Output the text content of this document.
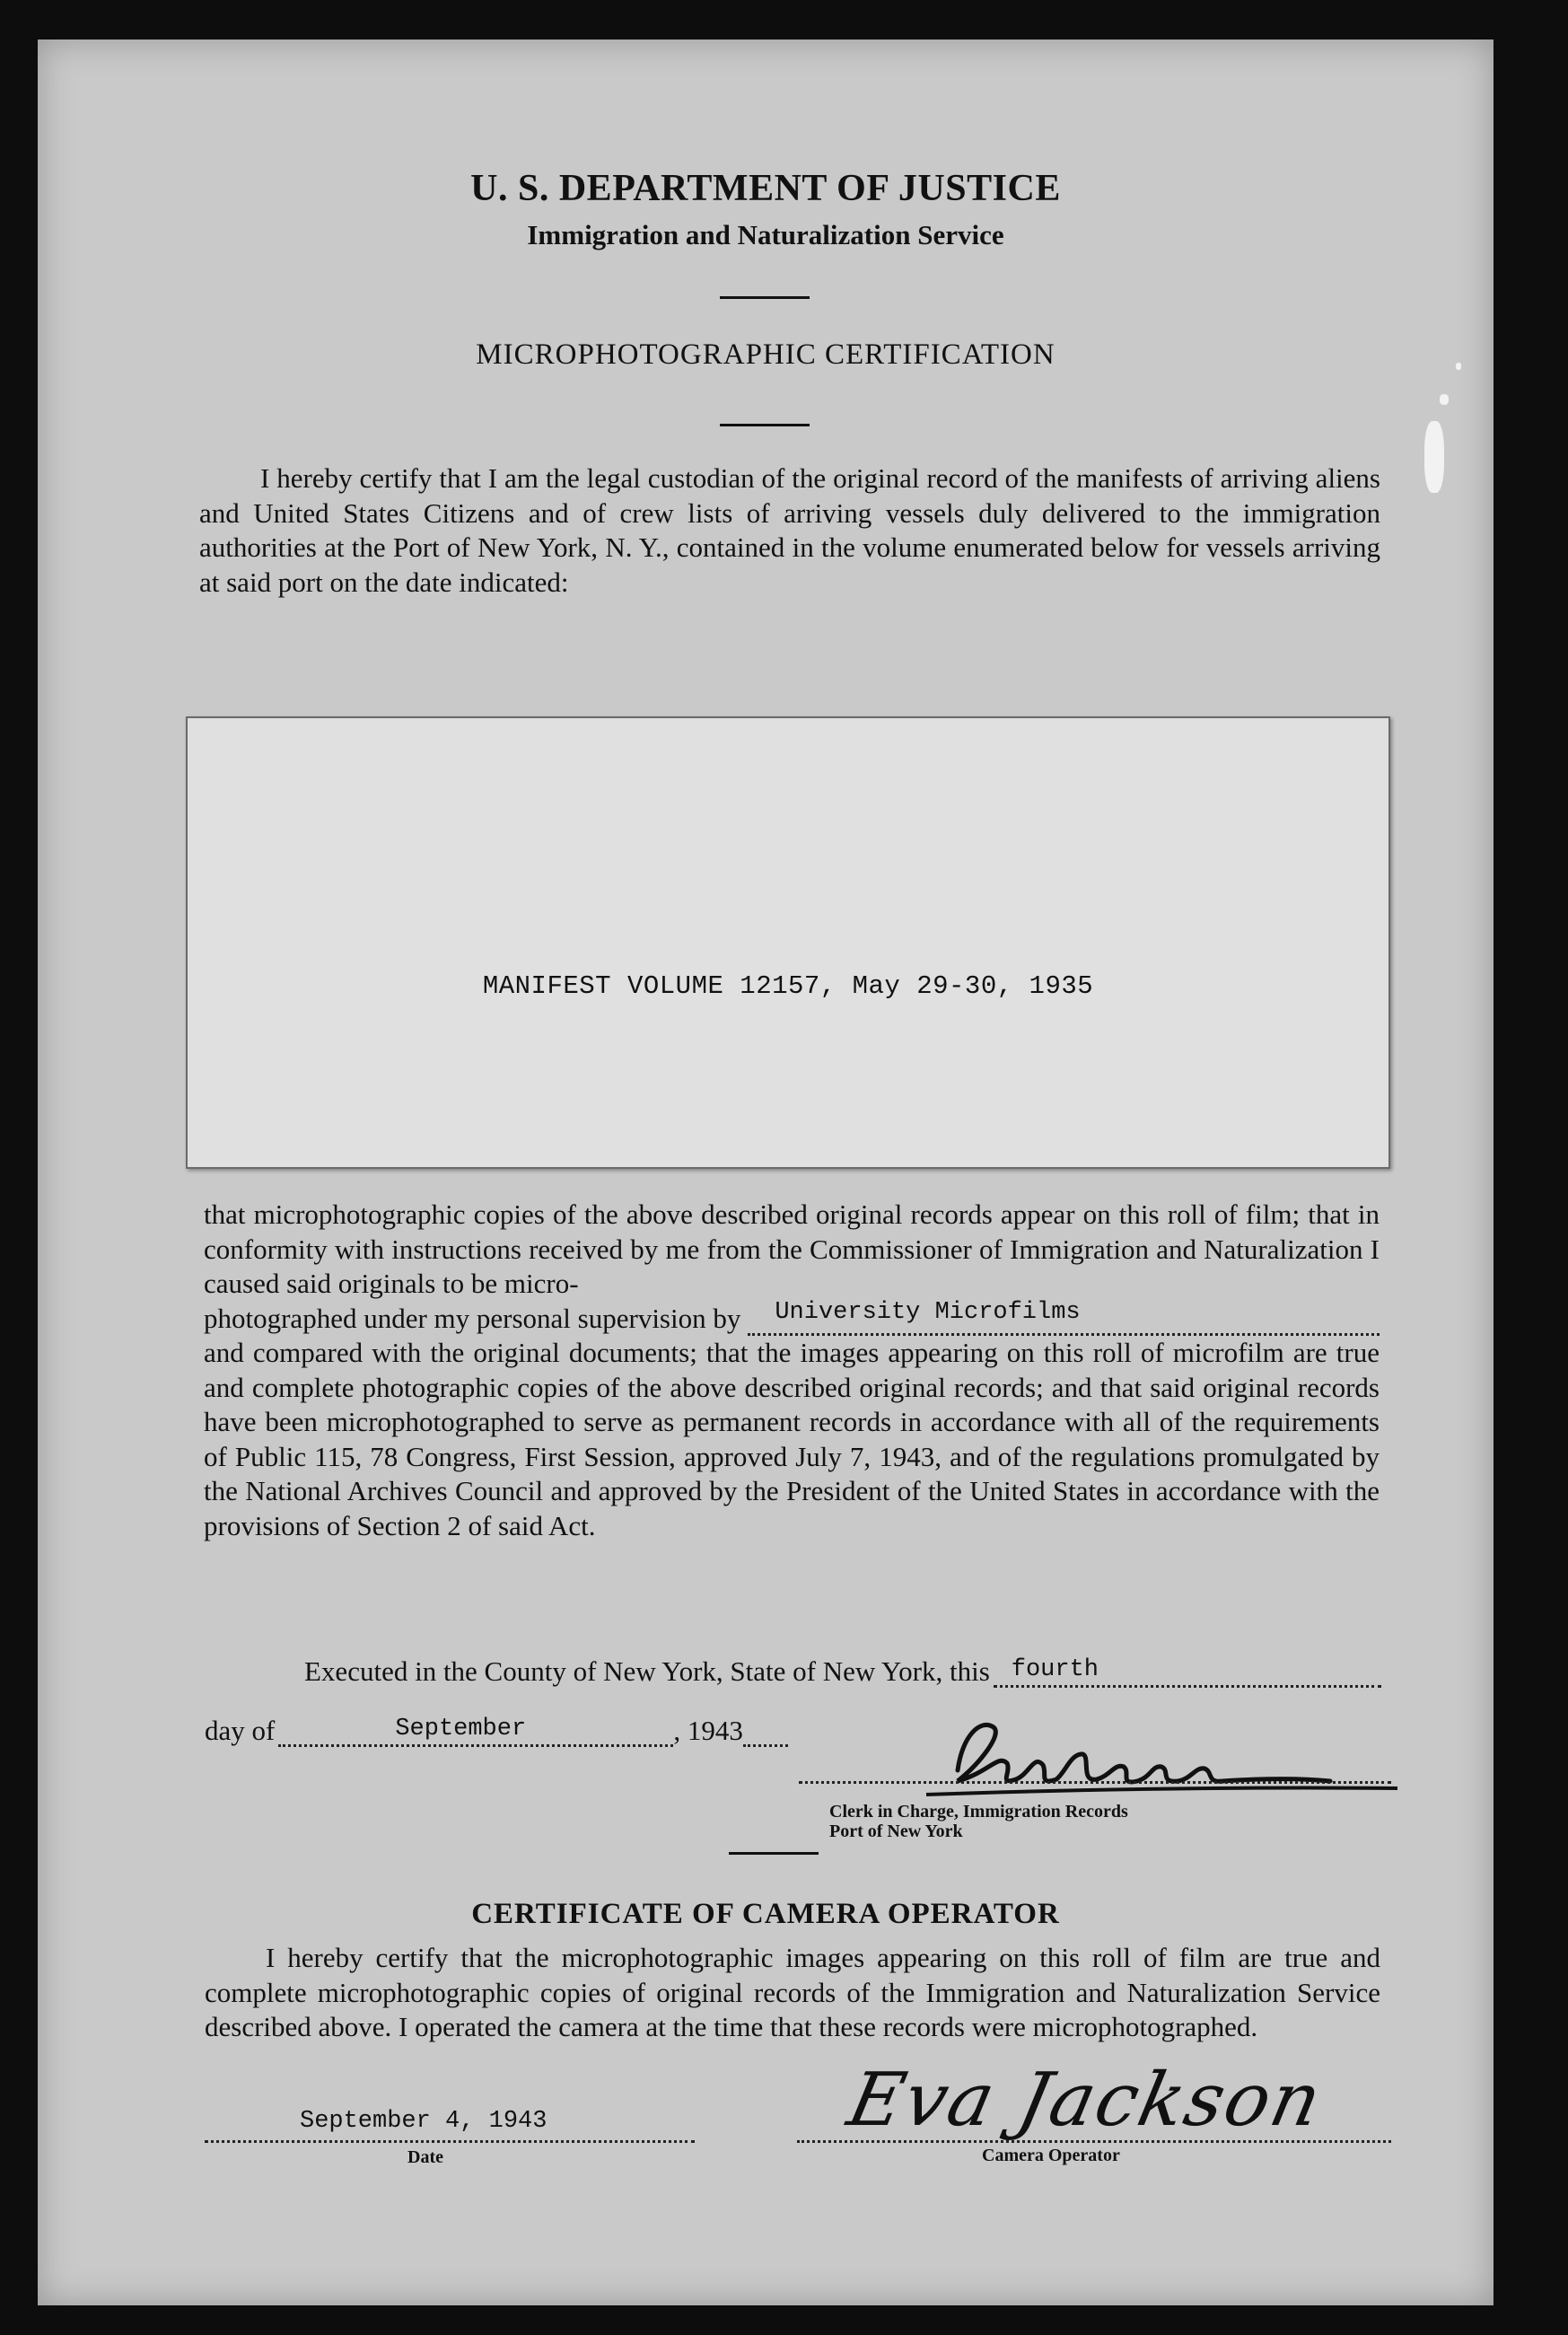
U. S. DEPARTMENT OF JUSTICE
Immigration and Naturalization Service
MICROPHOTOGRAPHIC CERTIFICATION

I hereby certify that I am the legal custodian of the original record of the manifests of arriving aliens and United States Citizens and of crew lists of arriving vessels duly delivered to the immigration authorities at the Port of New York, N. Y., contained in the volume enumerated below for vessels arriving at said port on the date indicated:

MANIFEST VOLUME 12157, May 29-30, 1935
that microphotographic copies of the above described original records appear on this roll of film; that in conformity with instructions received by me from the Commissioner of Immigration and Naturalization I caused said originals to be micro-
photographed under my personal supervision by University Microfilms
and compared with the original documents; that the images appearing on this roll of microfilm are true and complete photographic copies of the above described original records; and that said original records have been microphotographed to serve as permanent records in accordance with all of the requirements of Public 115, 78 Congress, First Session, approved July 7, 1943, and of the regulations promulgated by the National Archives Council and approved by the President of the United States in accordance with the provisions of Section 2 of said Act.
Executed in the County of New York, State of New York, this fourth
day of	September	, 194 3
Clerk in Charge, Immigration Records
Port of New York
CERTIFICATE OF CAMERA OPERATOR

I hereby certify that the microphotographic images appearing on this roll of film are true and complete microphotographic copies of original records of the Immigration and Naturalization Service described above. I operated the camera at the time that these records were microphotographed.

September 4, 1943
Date
Eva Jackson
Camera Operator
